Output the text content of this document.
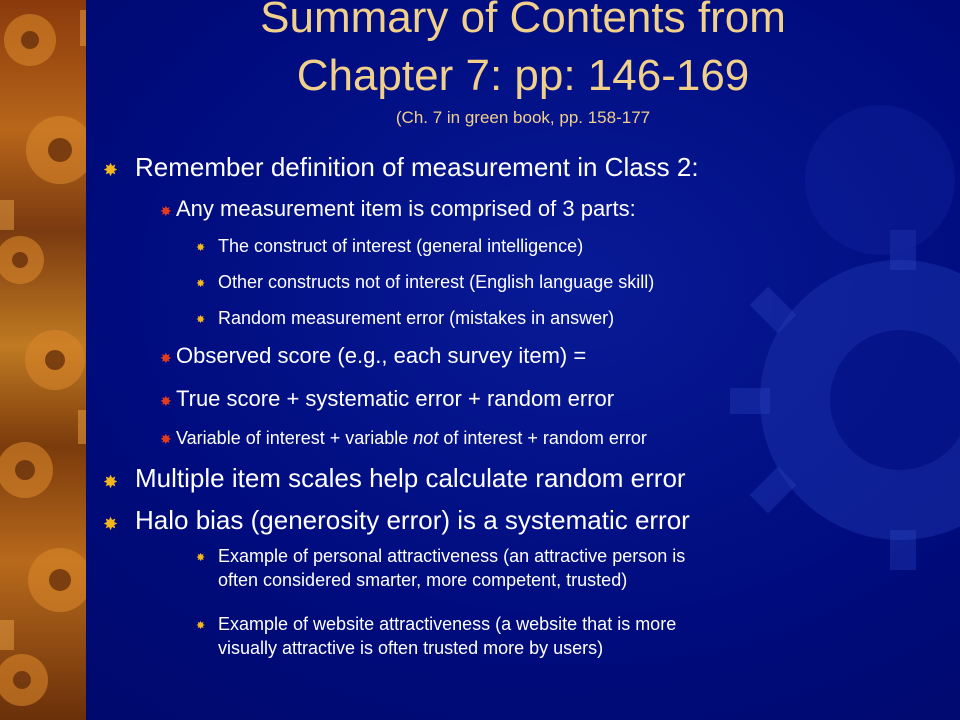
Summary of Contents from
Chapter 7: pp: 146-169
(Ch. 7 in green book, pp. 158-177
✸ Remember definition of measurement in Class 2:
✸ Any measurement item is comprised of 3 parts:
✸ The construct of interest (general intelligence)
✸ Other constructs not of interest (English language skill)
✸ Random measurement error (mistakes in answer)
✸ Observed score (e.g., each survey item) =
✸ True score + systematic error + random error
✸ Variable of interest + variable not of interest + random error
✸ Multiple item scales help calculate random error
✸ Halo bias (generosity error) is a systematic error
✸ Example of personal attractiveness (an attractive person is
often considered smarter, more competent, trusted)
✸ Example of website attractiveness (a website that is more
visually attractive is often trusted more by users)
